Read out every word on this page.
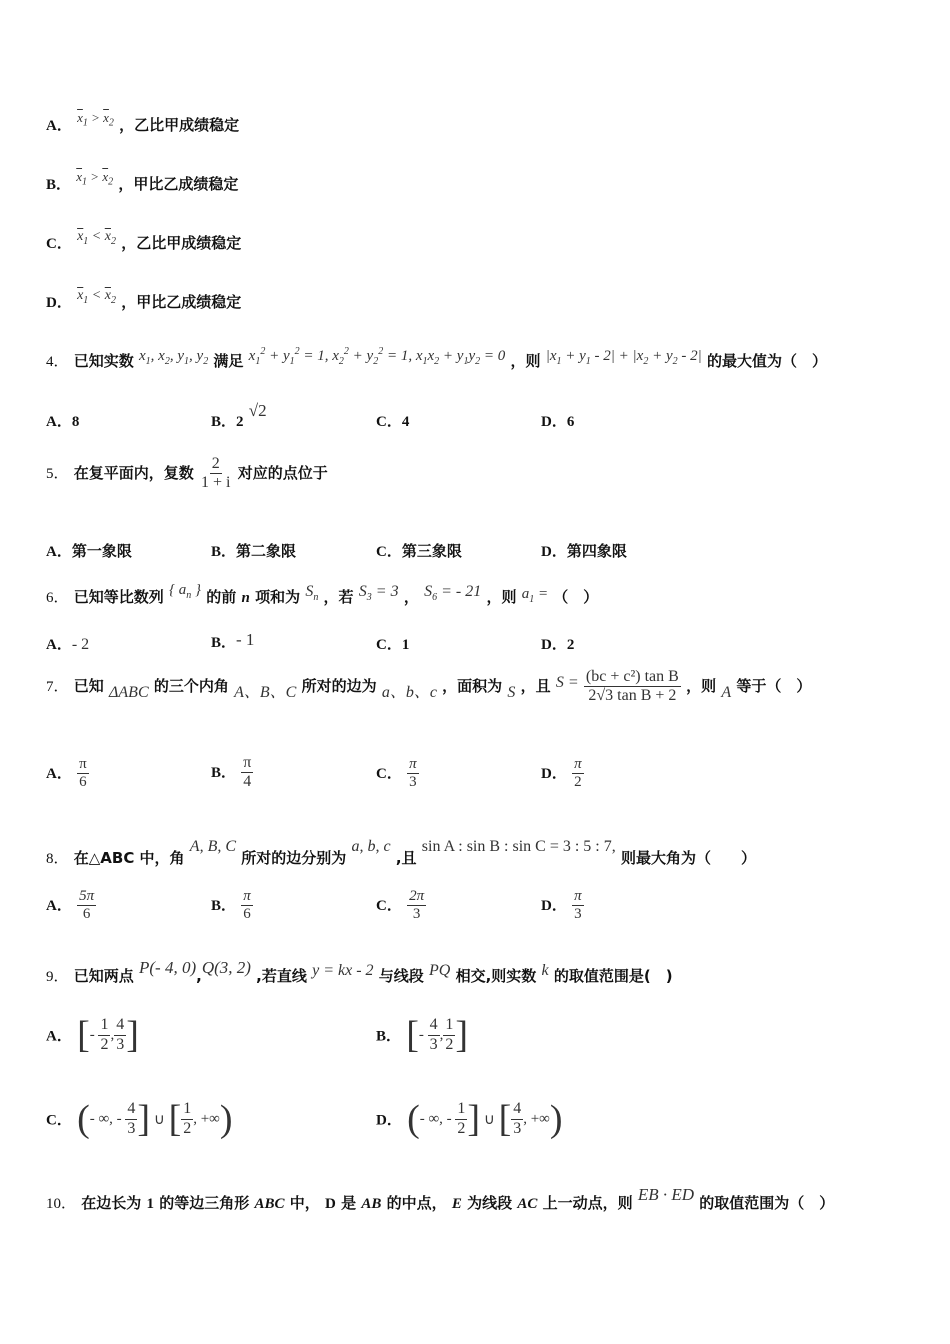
A． $\overline{x}_1 > \overline{x}_2$ ，乙比甲成绩稳定
B． $\overline{x}_1 > \overline{x}_2$ ，甲比乙成绩稳定
C． $\overline{x}_1 < \overline{x}_2$ ，乙比甲成绩稳定
D． $\overline{x}_1 < \overline{x}_2$ ，甲比乙成绩稳定
4． 已知实数 $x_1$, $x_2$, $y_1$, $y_2$ 满足 $x_1^2 + y_1^2 = 1$, $x_2^2 + y_2^2 = 1$, $x_1x_2 + y_1y_2 = 0$ ，则 $|x_1 + y_1 - 2| + |x_2 + y_2 - 2|$ 的最大值为（　）
A．8	B．2 √2
C．4	D．6
5． 在复平面内，复数 $\frac{2}{1 + i}$ 对应的点位于
A．第一象限	B．第二象限	C．第三象限	D．第四象限
6． 已知等比数列 { $a_n$ } 的前 n 项和为 $S_n$ ，若 $S_3 = 3$ ， $S_6$ = - 21 ，则 $a_1$ = （　）
A．- 2	B．- 1	C．1	D．2
7． 已知 ΔABC 的三个内角 A、B、C 所对的边为 a、b、c ，面积为 S ，且 $S = \frac{\text{(bc + c²) tan B}}{\text{2√3 tan B + 2}}$ ，则 A 等于（　）
A． $\frac{\pi}{6}$	B． $\frac{\pi}{4}$	C． $\frac{\pi}{3}$	D． $\frac{\pi}{2}$
8． 在△ABC 中，角 A, B, C 所对的边分别为 a, b, c ,且 sin A : sin B : sin C = 3 : 5 : 7, 则最大角为（　　）
A． $\frac{5\pi}{6}$	B． $\frac{\pi}{6}$	C． $\frac{2\pi}{3}$	D． $\frac{\pi}{3}$
9． 已知两点 P(- 4, 0),Q(3, 2) ,若直线 y = kx - 2 与线段 PQ 相交,则实数 k 的取值范围是(　)
A． [ - $\frac{1}{2}$ , $\frac{4}{3}$ ]	B． [ - $\frac{4}{3}$ , $\frac{1}{2}$ ]
C． ( - ∞, - $\frac{4}{3}$ ] ∪ [ $\frac{1}{2}$ , +∞ )	D． ( - ∞, - $\frac{1}{2}$ ] ∪ [ $\frac{4}{3}$ , +∞ )
10． 在边长为 1 的等边三角形 ABC 中， D 是 AB 的中点， E 为线段 AC 上一动点，则 EB · ED 的取值范围为（　）
